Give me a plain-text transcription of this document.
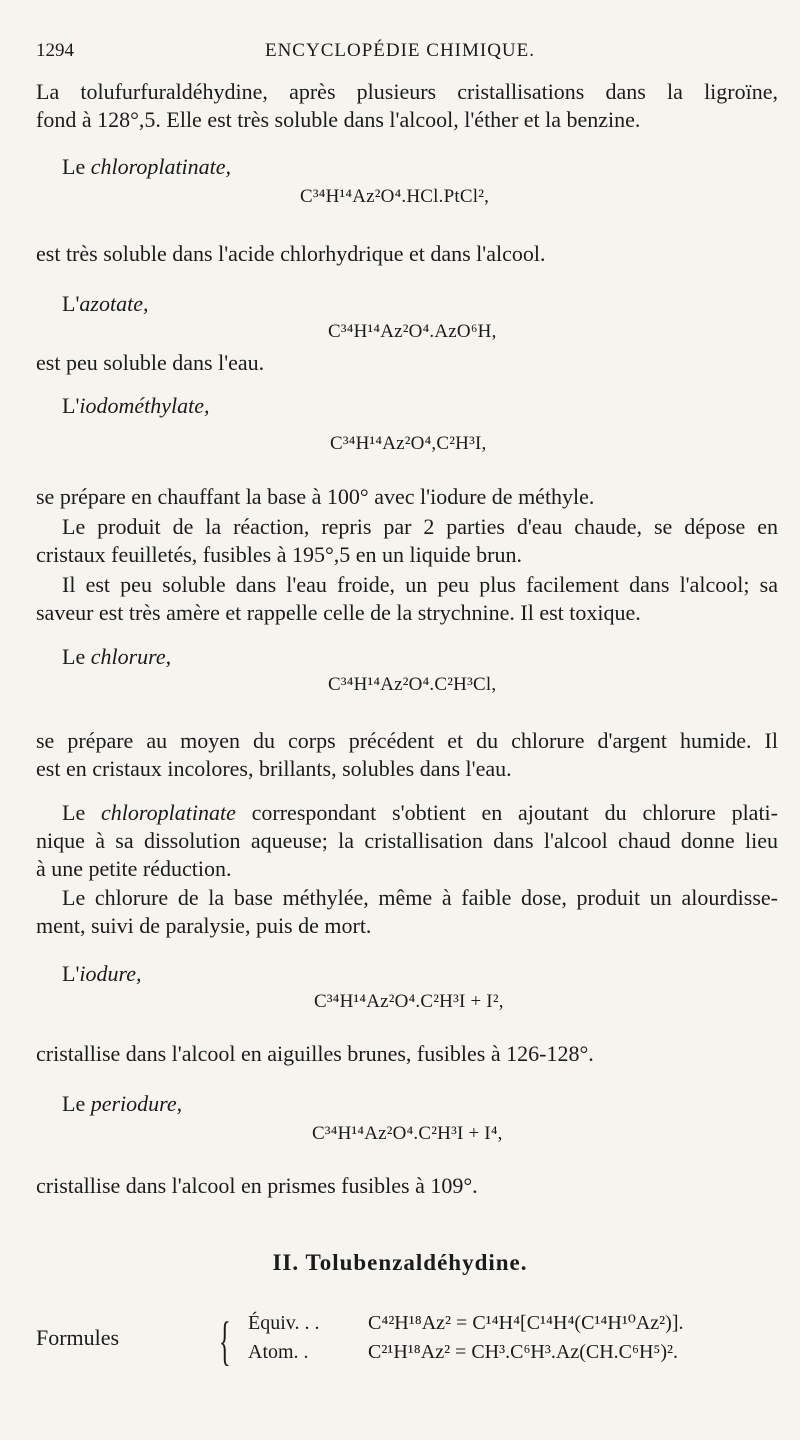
1294	ENCYCLOPÉDIE CHIMIQUE.
La tolufurfuraldéhydine, après plusieurs cristallisations dans la ligroïne,
fond à 128°,5. Elle est très soluble dans l'alcool, l'éther et la benzine.
Le chloroplatinate,
C³⁴H¹⁴Az²O⁴.HCl.PtCl²,
est très soluble dans l'acide chlorhydrique et dans l'alcool.
L'azotate,
C³⁴H¹⁴Az²O⁴.AzO⁶H,
est peu soluble dans l'eau.
L'iodométhylate,
C³⁴H¹⁴Az²O⁴,C²H³I,
se prépare en chauffant la base à 100° avec l'iodure de méthyle.
Le produit de la réaction, repris par 2 parties d'eau chaude, se dépose en
cristaux feuilletés, fusibles à 195°,5 en un liquide brun.
Il est peu soluble dans l'eau froide, un peu plus facilement dans l'alcool; sa
saveur est très amère et rappelle celle de la strychnine. Il est toxique.
Le chlorure,
C³⁴H¹⁴Az²O⁴.C²H³Cl,
se prépare au moyen du corps précédent et du chlorure d'argent humide. Il
est en cristaux incolores, brillants, solubles dans l'eau.
Le chloroplatinate correspondant s'obtient en ajoutant du chlorure plati-
nique à sa dissolution aqueuse; la cristallisation dans l'alcool chaud donne lieu
à une petite réduction.
Le chlorure de la base méthylée, même à faible dose, produit un alourdisse-
ment, suivi de paralysie, puis de mort.
L'iodure,
C³⁴H¹⁴Az²O⁴.C²H³I + I²,
cristallise dans l'alcool en aiguilles brunes, fusibles à 126-128°.
Le periodure,
C³⁴H¹⁴Az²O⁴.C²H³I + I⁴,
cristallise dans l'alcool en prismes fusibles à 109°.
II. Tolubenzaldéhydine.
Formules { Équiv. . . C⁴²H¹⁸Az² = C¹⁴H⁴[C¹⁴H⁴(C¹⁴H¹⁰Az²)].
Atom. .	C²¹H¹⁸Az² = CH³.C⁶H³.Az(CH.C⁶H⁵)².
